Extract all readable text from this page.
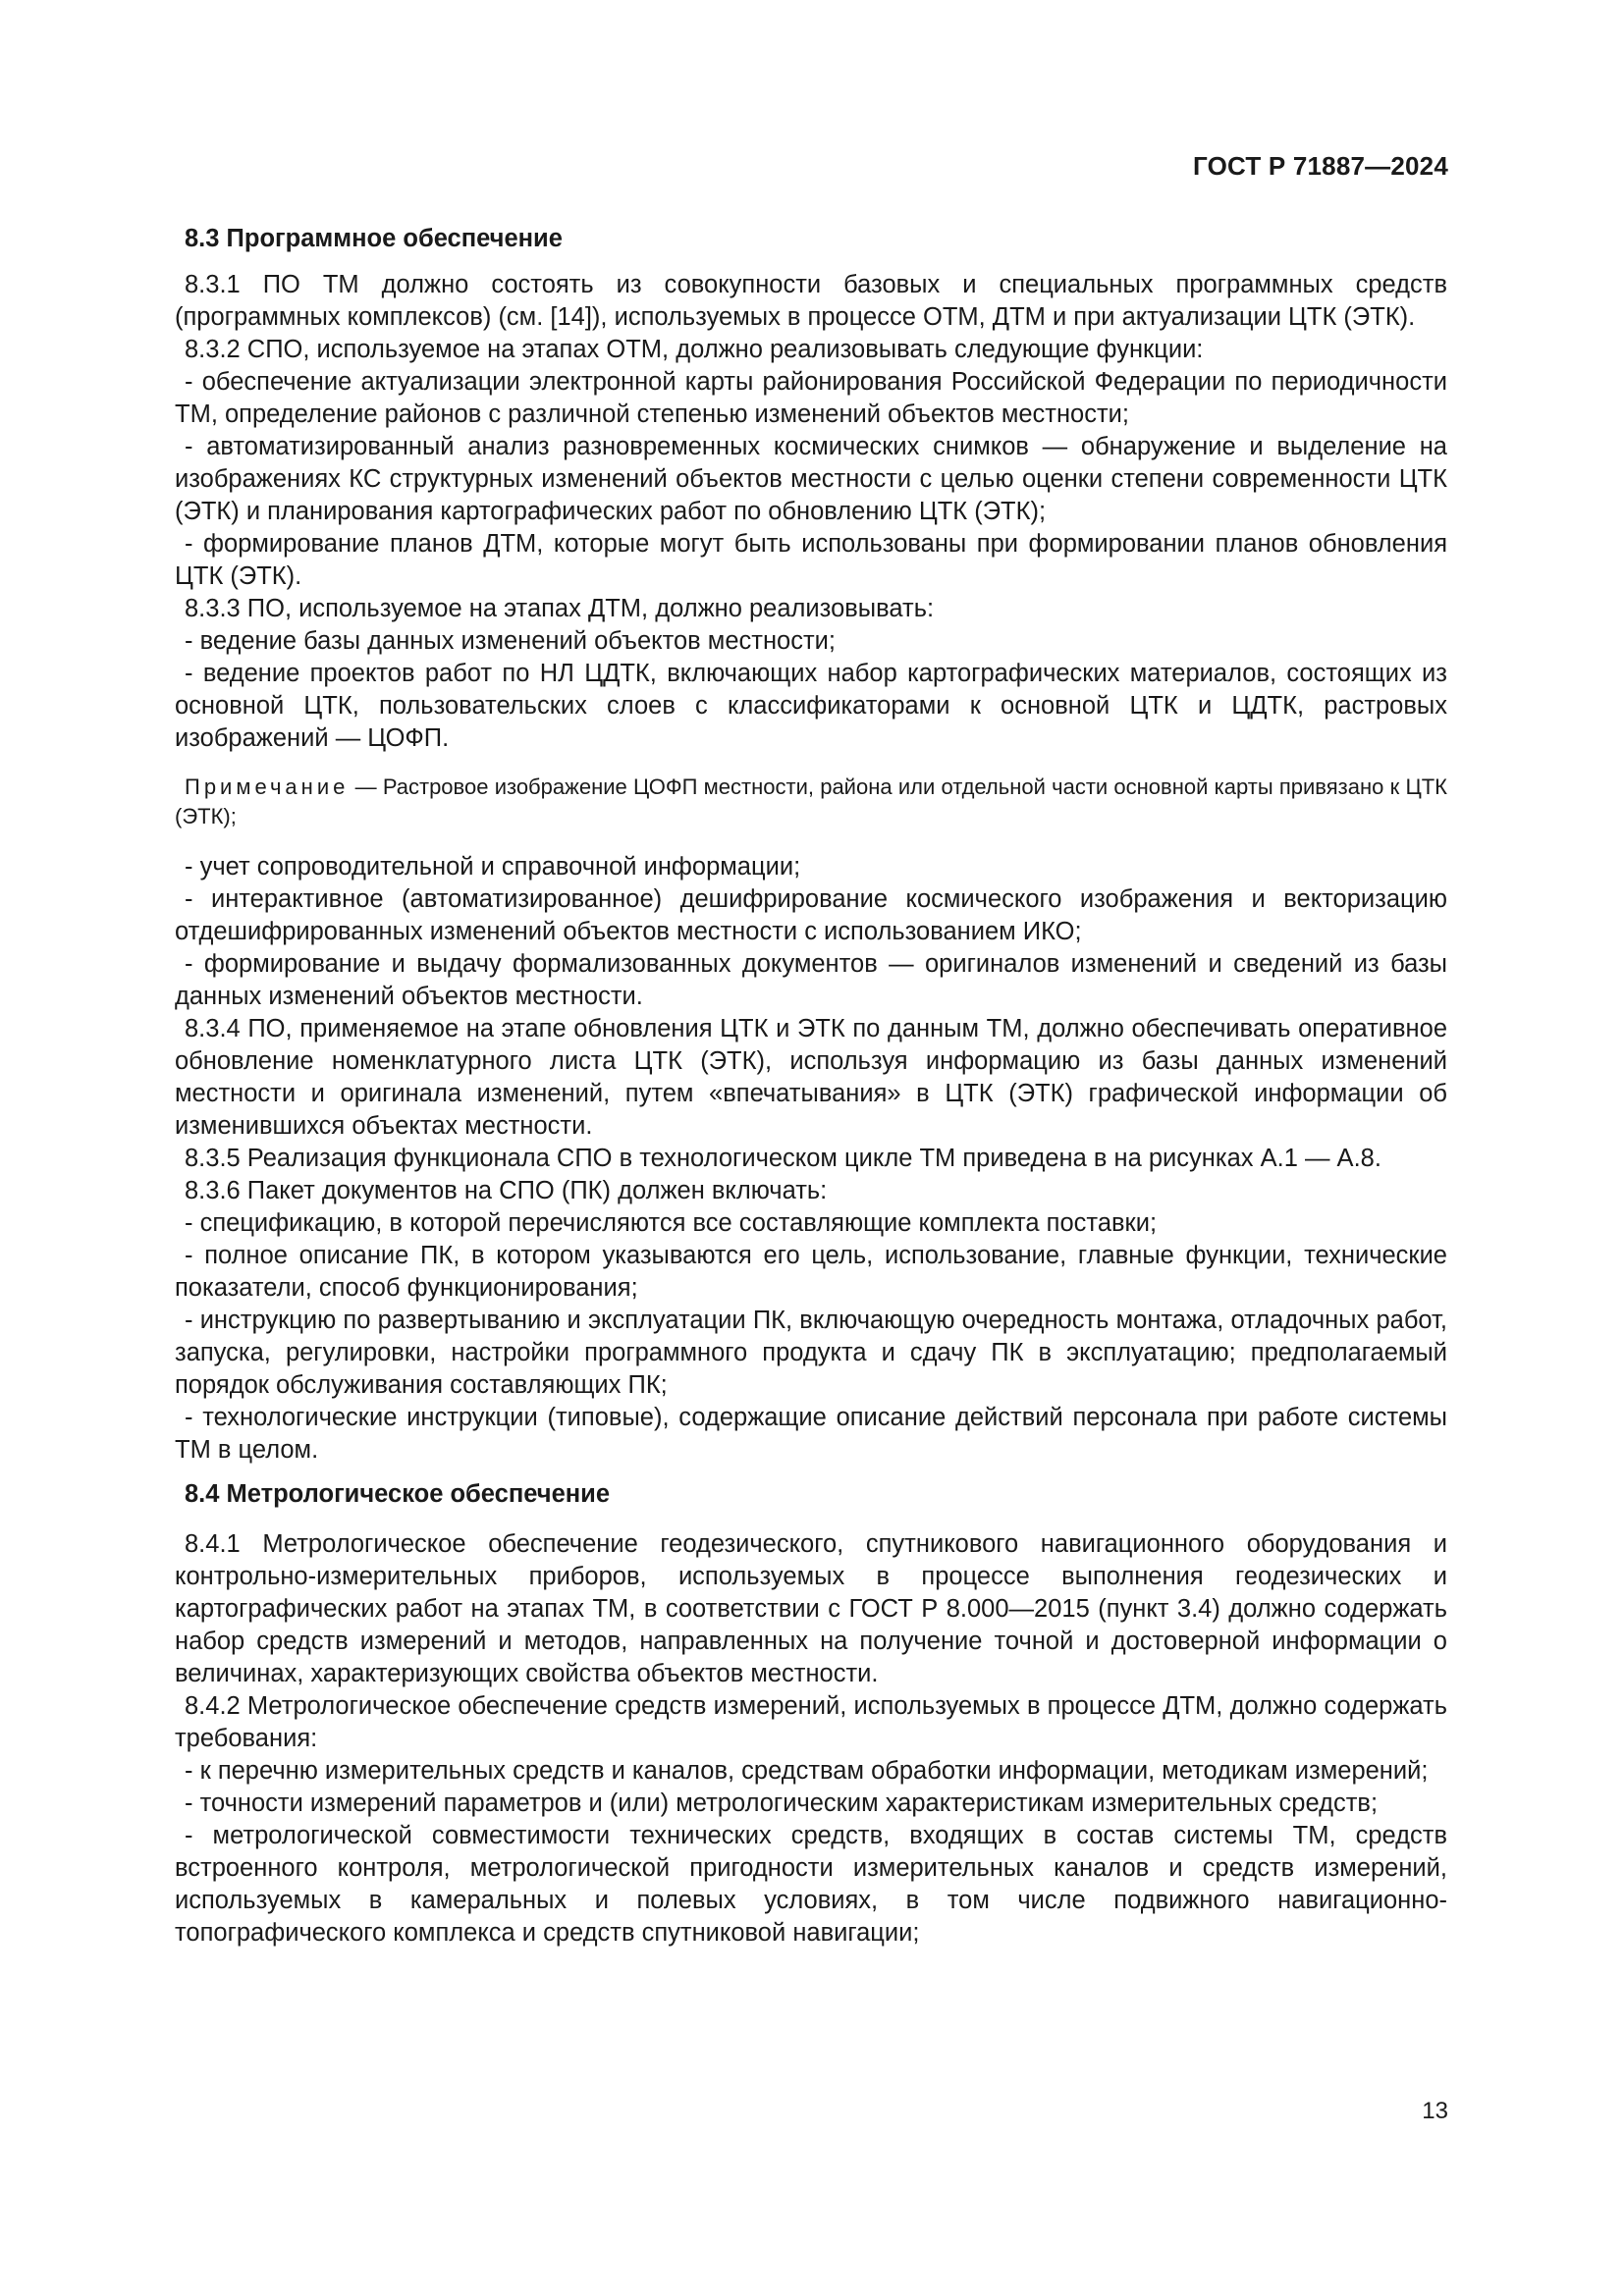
ГОСТ Р 71887—2024
8.3 Программное обеспечение

8.3.1 ПО ТМ должно состоять из совокупности базовых и специальных программных средств (программных комплексов) (см. [14]), используемых в процессе ОТМ, ДТМ и при актуализации ЦТК (ЭТК).

8.3.2 СПО, используемое на этапах ОТМ, должно реализовывать следующие функции:

- обеспечение актуализации электронной карты районирования Российской Федерации по периодичности ТМ, определение районов с различной степенью изменений объектов местности;

- автоматизированный анализ разновременных космических снимков — обнаружение и выделение на изображениях КС структурных изменений объектов местности с целью оценки степени современности ЦТК (ЭТК) и планирования картографических работ по обновлению ЦТК (ЭТК);

- формирование планов ДТМ, которые могут быть использованы при формировании планов обновления ЦТК (ЭТК).

8.3.3 ПО, используемое на этапах ДТМ, должно реализовывать:

- ведение базы данных изменений объектов местности;

- ведение проектов работ по НЛ ЦДТК, включающих набор картографических материалов, состоящих из основной ЦТК, пользовательских слоев с классификаторами к основной ЦТК и ЦДТК, растровых изображений — ЦОФП.

Примечание — Растровое изображение ЦОФП местности, района или отдельной части основной карты привязано к ЦТК (ЭТК);

- учет сопроводительной и справочной информации;

- интерактивное (автоматизированное) дешифрирование космического изображения и векторизацию отдешифрированных изменений объектов местности с использованием ИКО;

- формирование и выдачу формализованных документов — оригиналов изменений и сведений из базы данных изменений объектов местности.

8.3.4 ПО, применяемое на этапе обновления ЦТК и ЭТК по данным ТМ, должно обеспечивать оперативное обновление номенклатурного листа ЦТК (ЭТК), используя информацию из базы данных изменений местности и оригинала изменений, путем «впечатывания» в ЦТК (ЭТК) графической информации об изменившихся объектах местности.

8.3.5 Реализация функционала СПО в технологическом цикле ТМ приведена в на рисунках А.1 — А.8.

8.3.6 Пакет документов на СПО (ПК) должен включать:

- спецификацию, в которой перечисляются все составляющие комплекта поставки;

- полное описание ПК, в котором указываются его цель, использование, главные функции, технические показатели, способ функционирования;

- инструкцию по развертыванию и эксплуатации ПК, включающую очередность монтажа, отладочных работ, запуска, регулировки, настройки программного продукта и сдачу ПК в эксплуатацию; предполагаемый порядок обслуживания составляющих ПК;

- технологические инструкции (типовые), содержащие описание действий персонала при работе системы ТМ в целом.

8.4 Метрологическое обеспечение

8.4.1 Метрологическое обеспечение геодезического, спутникового навигационного оборудования и контрольно-измерительных приборов, используемых в процессе выполнения геодезических и картографических работ на этапах ТМ, в соответствии с ГОСТ Р 8.000—2015 (пункт 3.4) должно содержать набор средств измерений и методов, направленных на получение точной и достоверной информации о величинах, характеризующих свойства объектов местности.

8.4.2 Метрологическое обеспечение средств измерений, используемых в процессе ДТМ, должно содержать требования:

- к перечню измерительных средств и каналов, средствам обработки информации, методикам измерений;

- точности измерений параметров и (или) метрологическим характеристикам измерительных средств;

- метрологической совместимости технических средств, входящих в состав системы ТМ, средств встроенного контроля, метрологической пригодности измерительных каналов и средств измерений, используемых в камеральных и полевых условиях, в том числе подвижного навигационно-топографического комплекса и средств спутниковой навигации;

13
